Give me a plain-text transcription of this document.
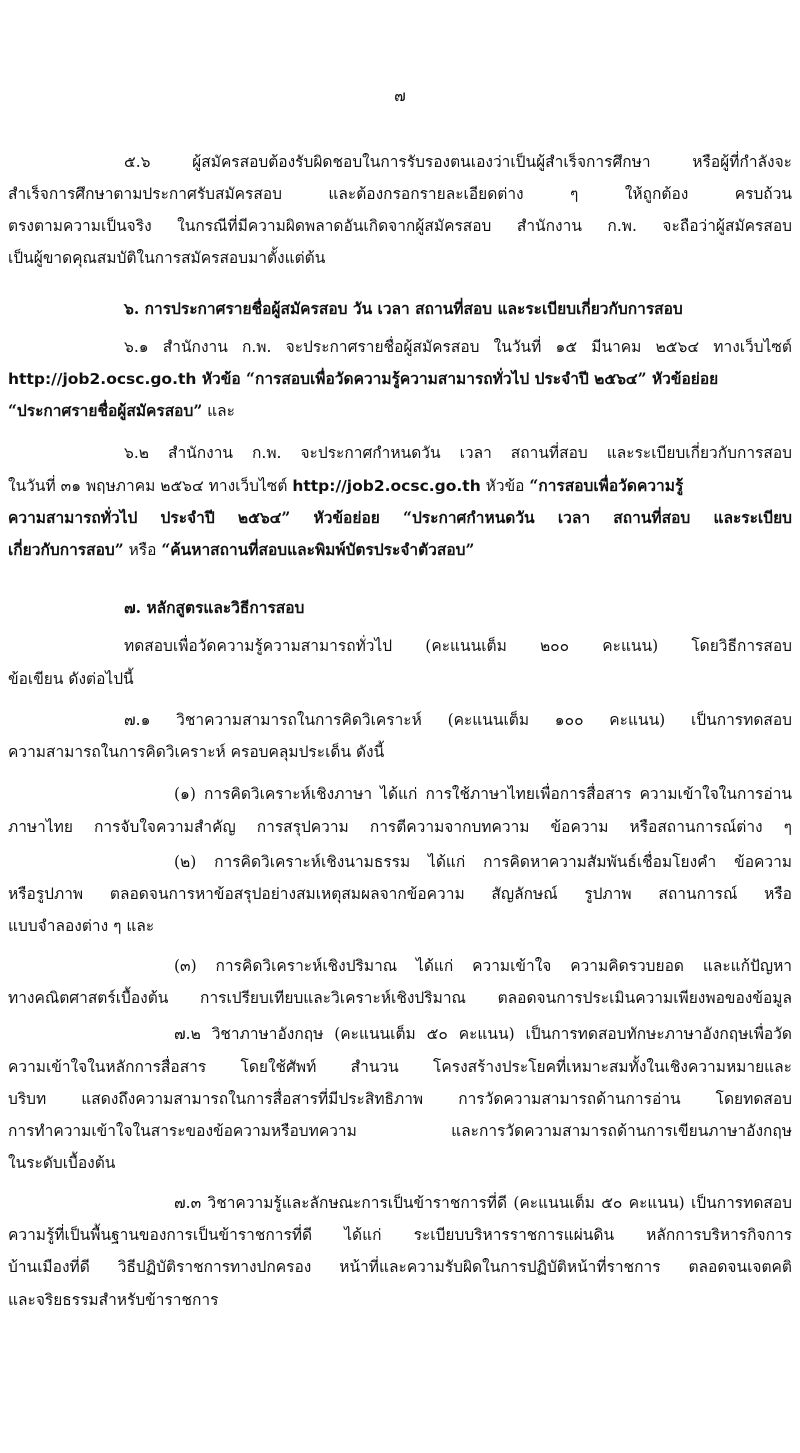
๗
๕.๖ ผู้สมัครสอบต้องรับผิดชอบในการรับรองตนเองว่าเป็นผู้สำเร็จการศึกษา หรือผู้ที่กำลังจะ
สำเร็จการศึกษาตามประกาศรับสมัครสอบ และต้องกรอกรายละเอียดต่าง ๆ ให้ถูกต้อง ครบถ้วน
ตรงตามความเป็นจริง ในกรณีที่มีความผิดพลาดอันเกิดจากผู้สมัครสอบ สำนักงาน ก.พ. จะถือว่าผู้สมัครสอบ
เป็นผู้ขาดคุณสมบัติในการสมัครสอบมาตั้งแต่ต้น
๖. การประกาศรายชื่อผู้สมัครสอบ วัน เวลา สถานที่สอบ และระเบียบเกี่ยวกับการสอบ
๖.๑ สำนักงาน ก.พ. จะประกาศรายชื่อผู้สมัครสอบ ในวันที่ ๑๕ มีนาคม ๒๕๖๔ ทางเว็บไซต์
http://job2.ocsc.go.th หัวข้อ “การสอบเพื่อวัดความรู้ความสามารถทั่วไป ประจำปี ๒๕๖๔” หัวข้อย่อย
“ประกาศรายชื่อผู้สมัครสอบ” และ
๖.๒ สำนักงาน ก.พ. จะประกาศกำหนดวัน เวลา สถานที่สอบ และระเบียบเกี่ยวกับการสอบ
ในวันที่ ๓๑ พฤษภาคม ๒๕๖๔ ทางเว็บไซต์ http://job2.ocsc.go.th หัวข้อ “การสอบเพื่อวัดความรู้
ความสามารถทั่วไป ประจำปี ๒๕๖๔” หัวข้อย่อย “ประกาศกำหนดวัน เวลา สถานที่สอบ และระเบียบ
เกี่ยวกับการสอบ” หรือ “ค้นหาสถานที่สอบและพิมพ์บัตรประจำตัวสอบ”
๗. หลักสูตรและวิธีการสอบ
ทดสอบเพื่อวัดความรู้ความสามารถทั่วไป (คะแนนเต็ม ๒๐๐ คะแนน) โดยวิธีการสอบ
ข้อเขียน ดังต่อไปนี้
๗.๑ วิชาความสามารถในการคิดวิเคราะห์ (คะแนนเต็ม ๑๐๐ คะแนน) เป็นการทดสอบ
ความสามารถในการคิดวิเคราะห์ ครอบคลุมประเด็น ดังนี้
(๑) การคิดวิเคราะห์เชิงภาษา ได้แก่ การใช้ภาษาไทยเพื่อการสื่อสาร ความเข้าใจในการอ่าน
ภาษาไทย การจับใจความสำคัญ การสรุปความ การตีความจากบทความ ข้อความ หรือสถานการณ์ต่าง ๆ
(๒) การคิดวิเคราะห์เชิงนามธรรม ได้แก่ การคิดหาความสัมพันธ์เชื่อมโยงคำ ข้อความ
หรือรูปภาพ ตลอดจนการหาข้อสรุปอย่างสมเหตุสมผลจากข้อความ สัญลักษณ์ รูปภาพ สถานการณ์ หรือ
แบบจำลองต่าง ๆ และ
(๓) การคิดวิเคราะห์เชิงปริมาณ ได้แก่ ความเข้าใจ ความคิดรวบยอด และแก้ปัญหา
ทางคณิตศาสตร์เบื้องต้น การเปรียบเทียบและวิเคราะห์เชิงปริมาณ ตลอดจนการประเมินความเพียงพอของข้อมูล
๗.๒ วิชาภาษาอังกฤษ (คะแนนเต็ม ๕๐ คะแนน) เป็นการทดสอบทักษะภาษาอังกฤษเพื่อวัด
ความเข้าใจในหลักการสื่อสาร โดยใช้ศัพท์ สำนวน โครงสร้างประโยคที่เหมาะสมทั้งในเชิงความหมายและ
บริบท แสดงถึงความสามารถในการสื่อสารที่มีประสิทธิภาพ การวัดความสามารถด้านการอ่าน โดยทดสอบ
การทำความเข้าใจในสาระของข้อความหรือบทความ และการวัดความสามารถด้านการเขียนภาษาอังกฤษ
ในระดับเบื้องต้น
๗.๓ วิชาความรู้และลักษณะการเป็นข้าราชการที่ดี (คะแนนเต็ม ๕๐ คะแนน) เป็นการทดสอบ
ความรู้ที่เป็นพื้นฐานของการเป็นข้าราชการที่ดี ได้แก่ ระเบียบบริหารราชการแผ่นดิน หลักการบริหารกิจการ
บ้านเมืองที่ดี วิธีปฏิบัติราชการทางปกครอง หน้าที่และความรับผิดในการปฏิบัติหน้าที่ราชการ ตลอดจนเจตคติ
และจริยธรรมสำหรับข้าราชการ
